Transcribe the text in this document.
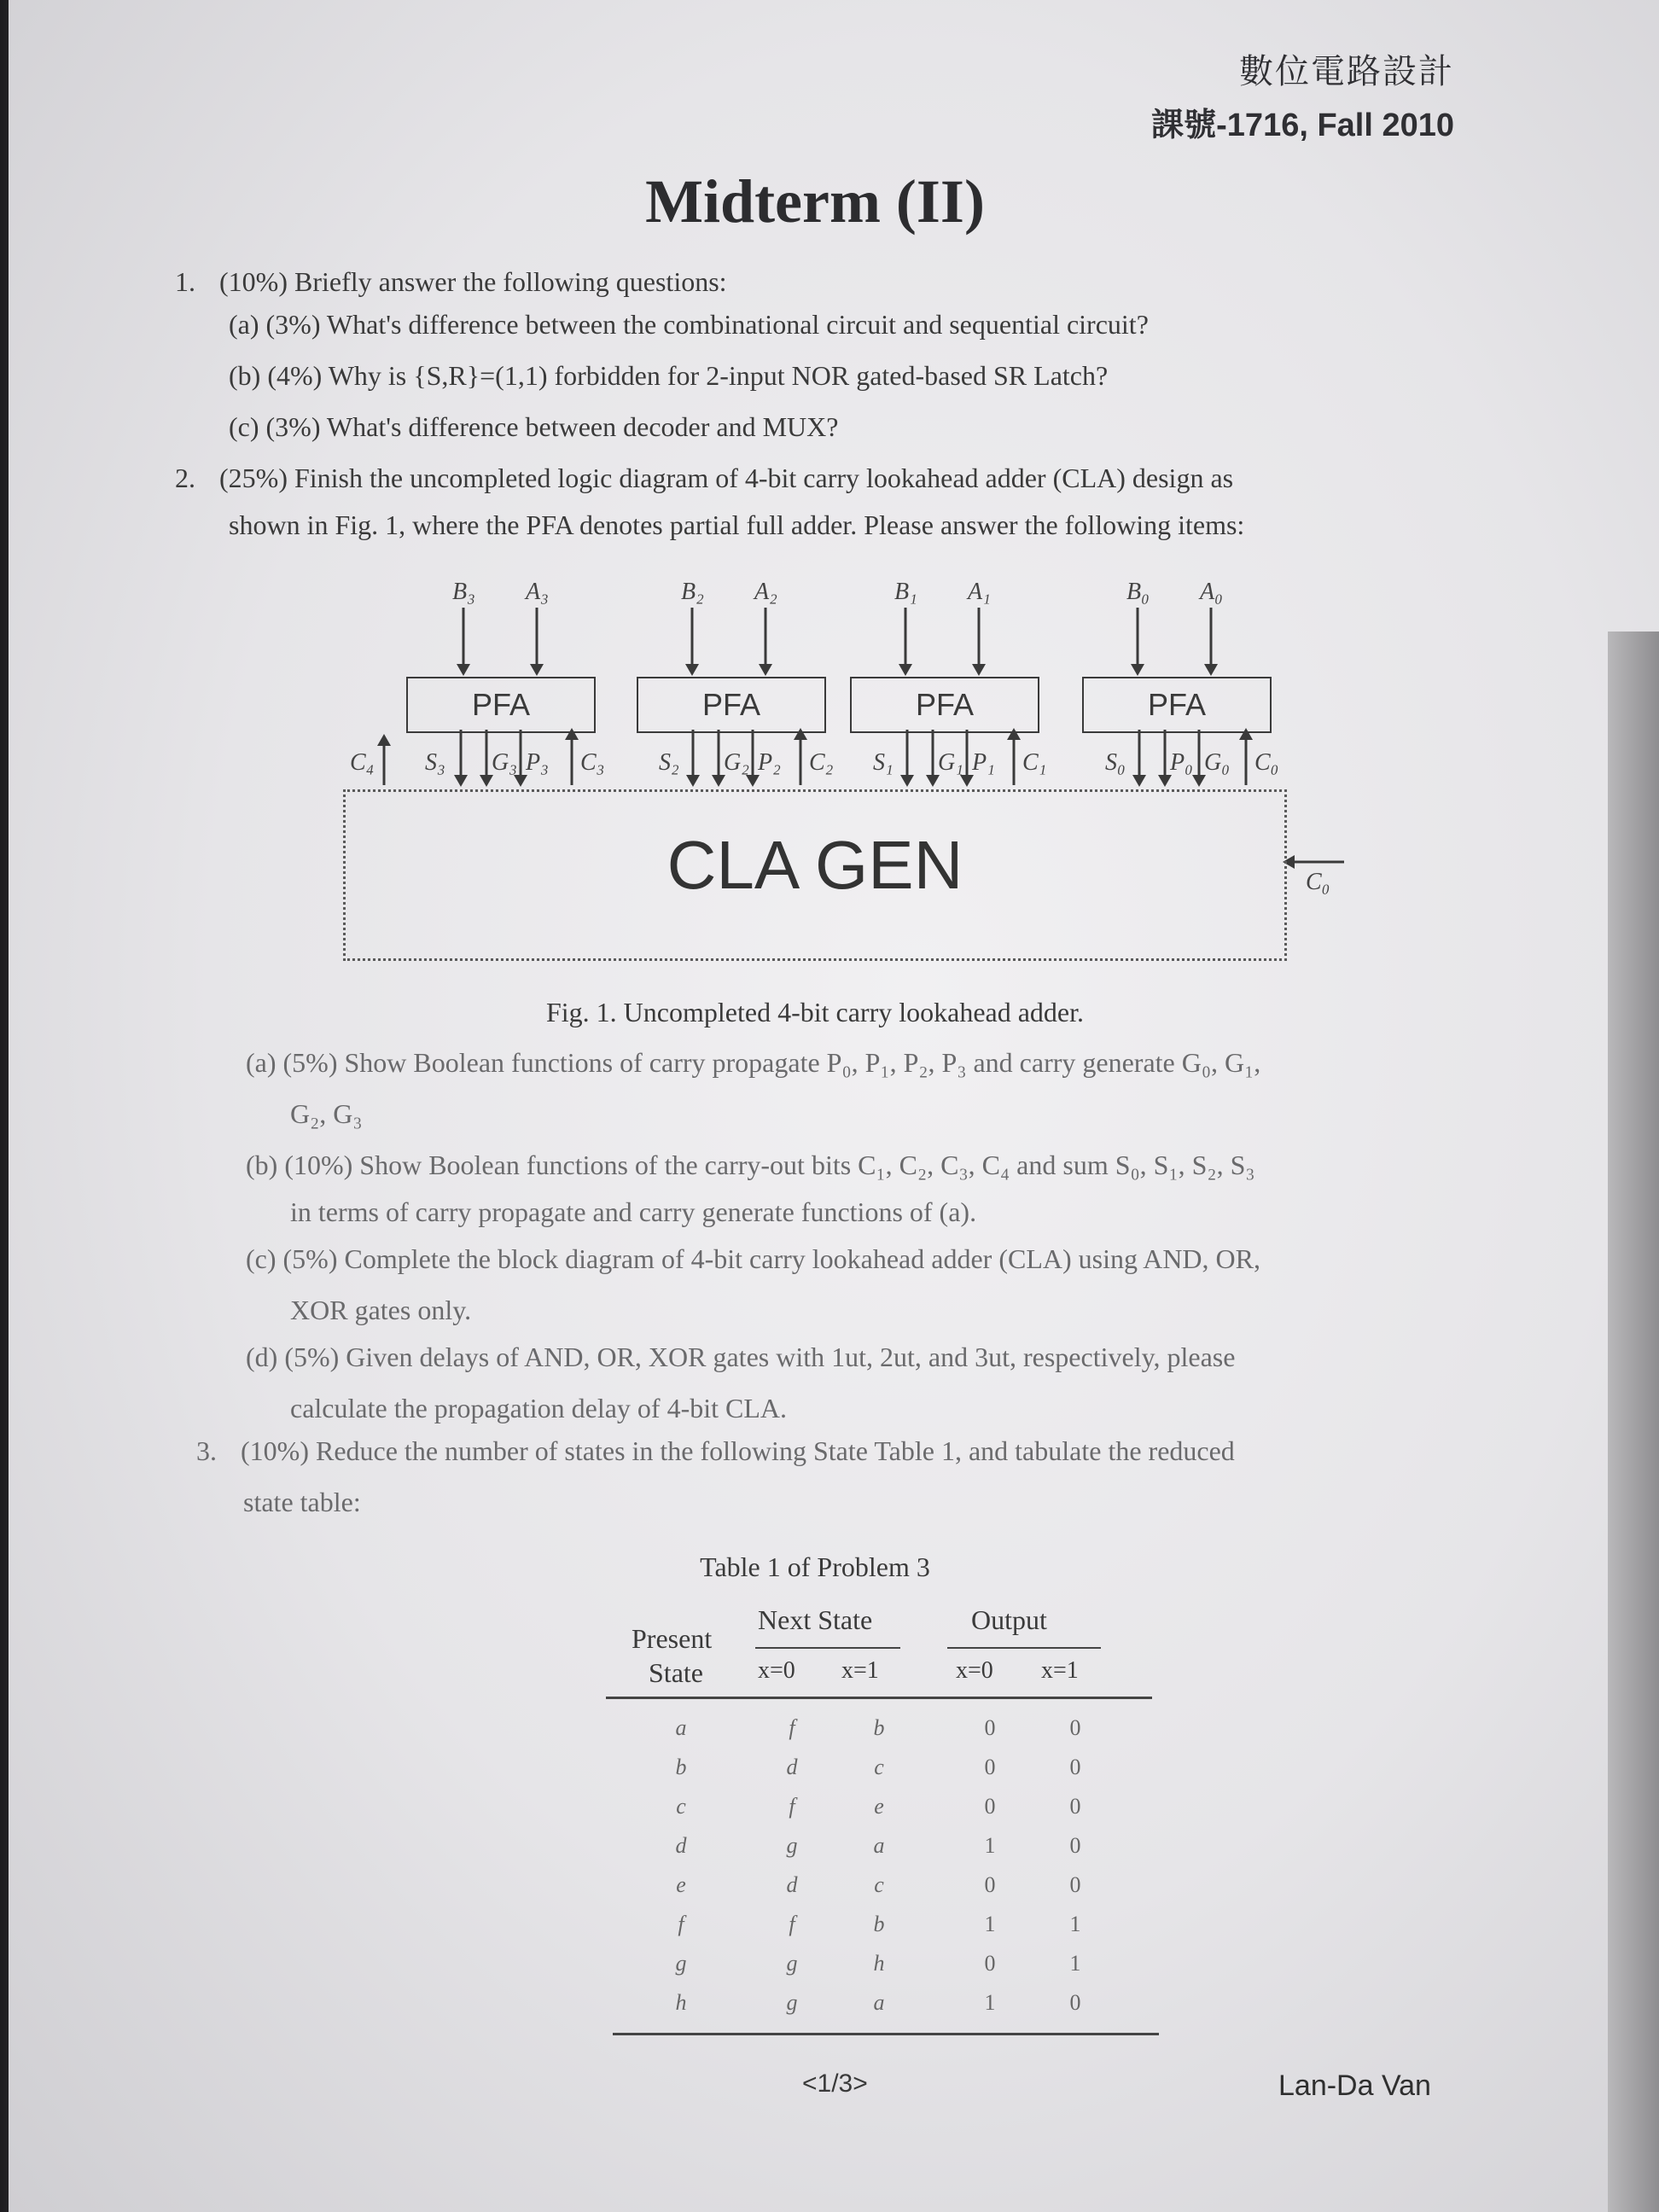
數位電路設計
課號-1716, Fall 2010
Midterm (II)
1. (10%) Briefly answer the following questions:
(a) (3%) What's difference between the combinational circuit and sequential circuit?
(b) (4%) Why is {S,R}=(1,1) forbidden for 2-input NOR gated-based SR Latch?
(c) (3%) What's difference between decoder and MUX?
2. (25%) Finish the uncompleted logic diagram of 4-bit carry lookahead adder (CLA) design as
shown in Fig. 1, where the PFA denotes partial full adder. Please answer the following items:
B₃ A₃	B₂ A₂	B₁ A₁	B₀ A₀
PFA	PFA	PFA	PFA
C₄ S₃ G₃ P₃ C₃ S₂ G₂ P₂ C₂ S₁ G₁ P₁ C₁ S₀ P₀ G₀ C₀
CLA GEN	C₀
Fig. 1. Uncompleted 4-bit carry lookahead adder.
(a) (5%) Show Boolean functions of carry propagate P₀, P₁, P₂, P₃ and carry generate G₀, G₁,
G₂, G₃
(b) (10%) Show Boolean functions of the carry-out bits C₁, C₂, C₃, C₄ and sum S₀, S₁, S₂, S₃
in terms of carry propagate and carry generate functions of (a).
(c) (5%) Complete the block diagram of 4-bit carry lookahead adder (CLA) using AND, OR,
XOR gates only.
(d) (5%) Given delays of AND, OR, XOR gates with 1ut, 2ut, and 3ut, respectively, please
calculate the propagation delay of 4-bit CLA.
3. (10%) Reduce the number of states in the following State Table 1, and tabulate the reduced
state table:
Table 1 of Problem 3
Present
State
Next State	Output
x=0 x=1	x=0 x=1
a	f	b	0	0
b	d	c	0	0
c	f	e	0	0
d	g	a	1	0
e	d	c	0	0
f	f	b	1	1
g	g	h	0	1
h	g	a	1	0
<1/3>	Lan-Da Van
